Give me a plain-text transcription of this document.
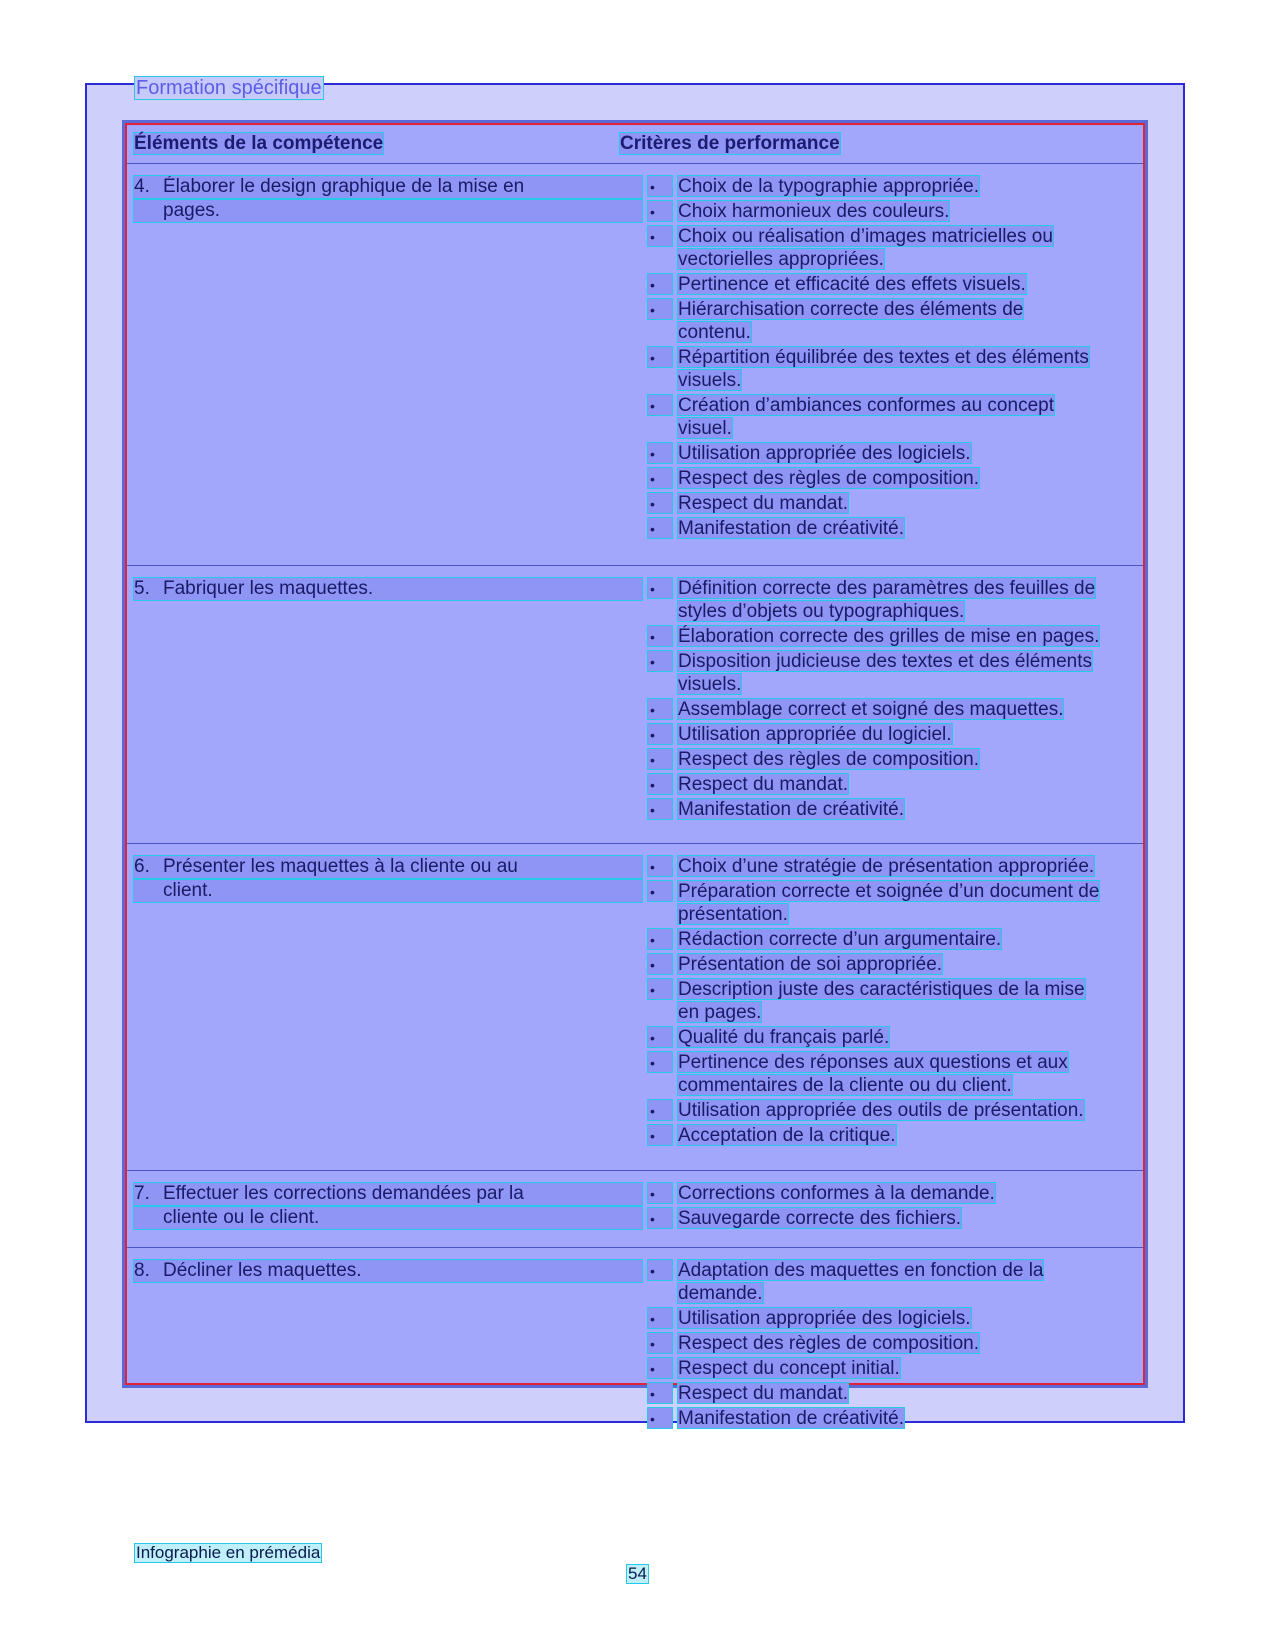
Formation spécifique
Éléments de la compétence	Critères de performance
4. Élaborer le design graphique de la mise en
pages.
•	Choix de la typographie appropriée.
•	Choix harmonieux des couleurs.
•	Choix ou réalisation d’images matricielles ou
vectorielles appropriées.
•	Pertinence et efficacité des effets visuels.
•	Hiérarchisation correcte des éléments de
contenu.
•	Répartition équilibrée des textes et des éléments
visuels.
•	Création d’ambiances conformes au concept
visuel.
•	Utilisation appropriée des logiciels.
•	Respect des règles de composition.
•	Respect du mandat.
•	Manifestation de créativité.
5. Fabriquer les maquettes.	•	Définition correcte des paramètres des feuilles de
styles d’objets ou typographiques.
•	Élaboration correcte des grilles de mise en pages.
•	Disposition judicieuse des textes et des éléments
visuels.
•	Assemblage correct et soigné des maquettes.
•	Utilisation appropriée du logiciel.
•	Respect des règles de composition.
•	Respect du mandat.
•	Manifestation de créativité.
6. Présenter les maquettes à la cliente ou au
client.
•	Choix d’une stratégie de présentation appropriée.
•	Préparation correcte et soignée d’un document de
présentation.
•	Rédaction correcte d’un argumentaire.
•	Présentation de soi appropriée.
•	Description juste des caractéristiques de la mise
en pages.
•	Qualité du français parlé.
•	Pertinence des réponses aux questions et aux
commentaires de la cliente ou du client.
•	Utilisation appropriée des outils de présentation.
•	Acceptation de la critique.
7. Effectuer les corrections demandées par la
cliente ou le client.
•	Corrections conformes à la demande.
•	Sauvegarde correcte des fichiers.
8. Décliner les maquettes.	•	Adaptation des maquettes en fonction de la
demande.
•	Utilisation appropriée des logiciels.
•	Respect des règles de composition.
•	Respect du concept initial.
•	Respect du mandat.
•	Manifestation de créativité.
Infographie en prémédia
54
